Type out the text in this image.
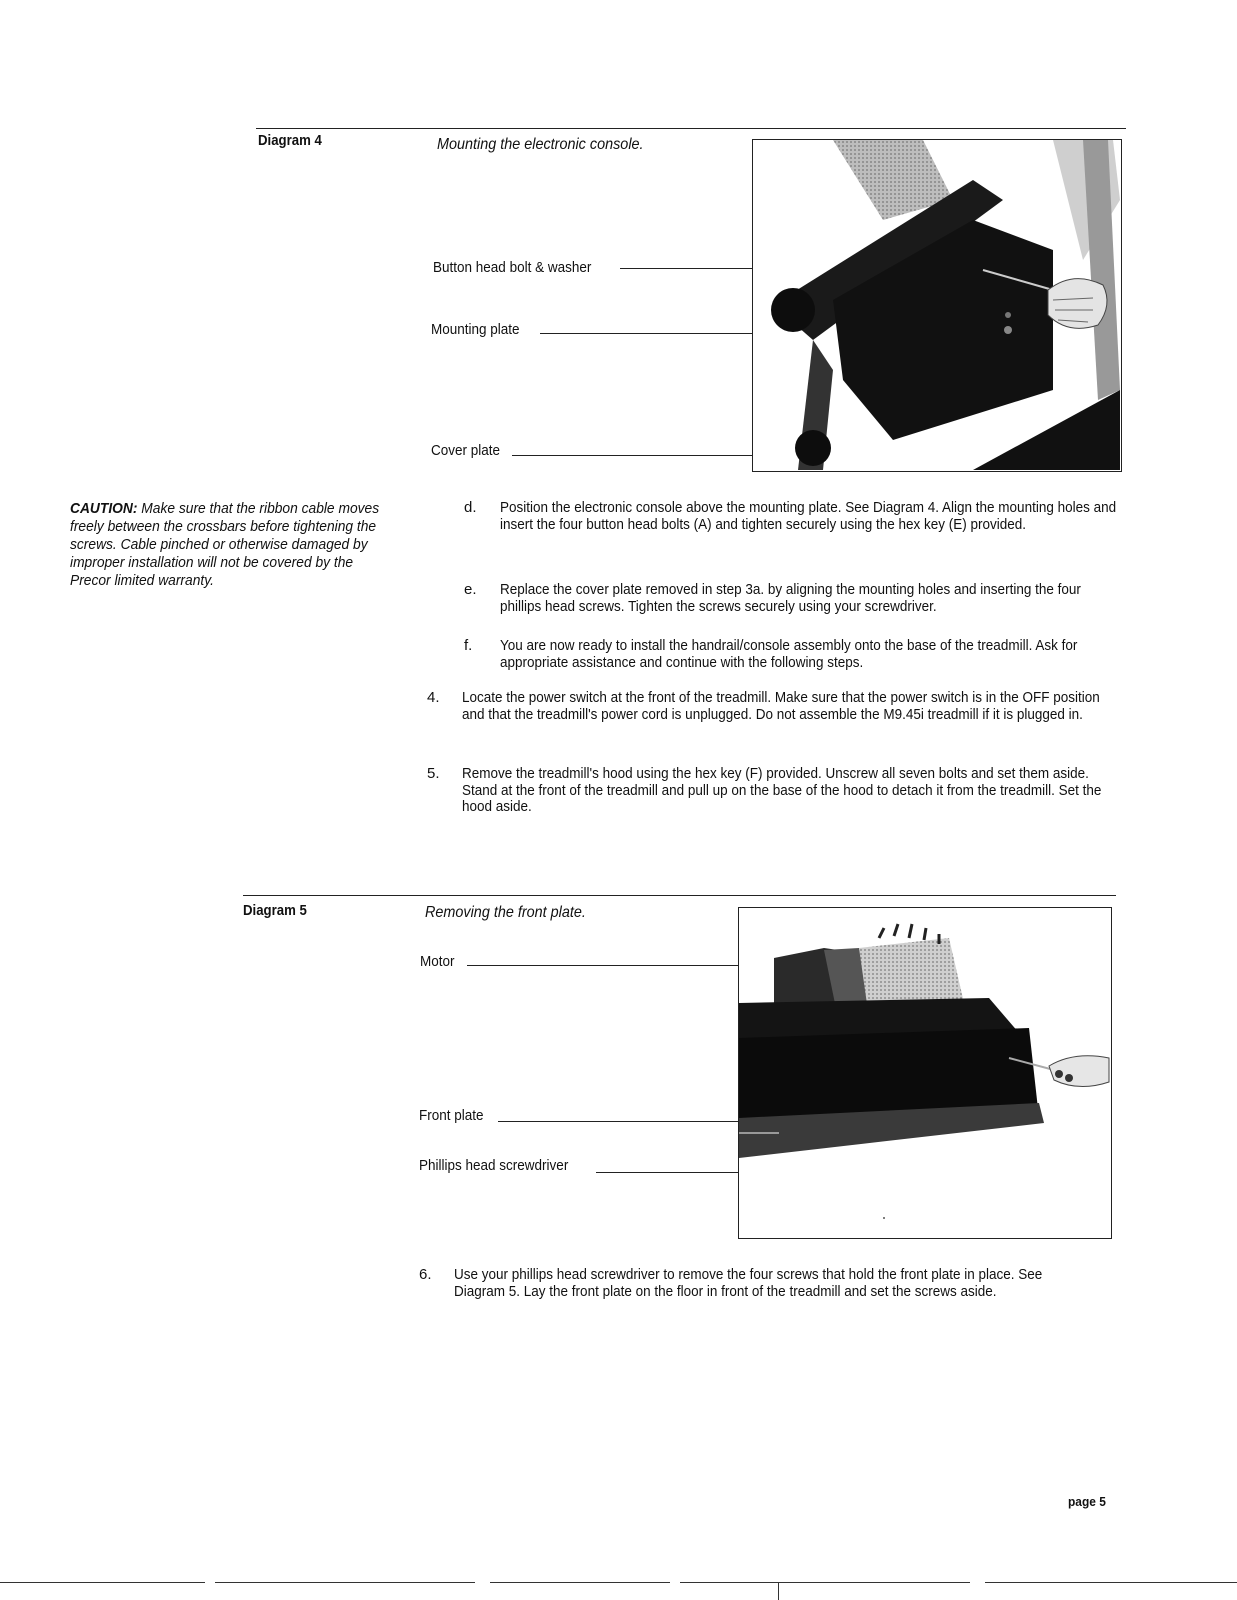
Diagram 4	Mounting the electronic console.
Button head bolt & washer
Mounting plate
Cover plate
CAUTION: Make sure that the ribbon cable moves freely between the crossbars before tightening the screws. Cable pinched or otherwise damaged by improper installation will not be covered by the Precor limited warranty.
d. Position the electronic console above the mounting plate. See Diagram 4. Align the mounting holes and insert the four button head bolts (A) and tighten securely using the hex key (E) provided.
e. Replace the cover plate removed in step 3a. by aligning the mounting holes and inserting the four phillips head screws. Tighten the screws securely using your screwdriver.
f. You are now ready to install the handrail/console assembly onto the base of the treadmill. Ask for appropriate assistance and continue with the following steps.
4. Locate the power switch at the front of the treadmill. Make sure that the power switch is in the OFF position and that the treadmill's power cord is unplugged. Do not assemble the M9.45i treadmill if it is plugged in.
5. Remove the treadmill's hood using the hex key (F) provided. Unscrew all seven bolts and set them aside. Stand at the front of the treadmill and pull up on the base of the hood to detach it from the treadmill. Set the hood aside.
Diagram 5	Removing the front plate.
Motor
Front plate
Phillips head screwdriver
6. Use your phillips head screwdriver to remove the four screws that hold the front plate in place. See Diagram 5. Lay the front plate on the floor in front of the treadmill and set the screws aside.
page 5
